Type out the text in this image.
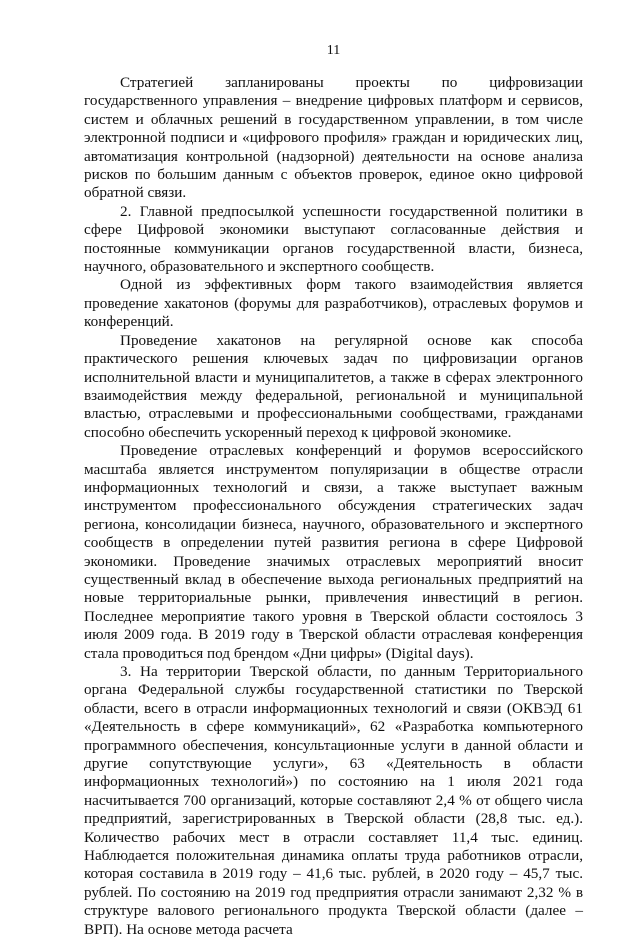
11

Стратегией запланированы проекты по цифровизации государственного управления – внедрение цифровых платформ и сервисов, систем и облачных решений в государственном управлении, в том числе электронной подписи и «цифрового профиля» граждан и юридических лиц, автоматизация контрольной (надзорной) деятельности на основе анализа рисков по большим данным с объектов проверок, единое окно цифровой обратной связи.

2. Главной предпосылкой успешности государственной политики в сфере Цифровой экономики выступают согласованные действия и постоянные коммуникации органов государственной власти, бизнеса, научного, образовательного и экспертного сообществ.

Одной из эффективных форм такого взаимодействия является проведение хакатонов (форумы для разработчиков), отраслевых форумов и конференций.

Проведение хакатонов на регулярной основе как способа практического решения ключевых задач по цифровизации органов исполнительной власти и муниципалитетов, а также в сферах электронного взаимодействия между федеральной, региональной и муниципальной властью, отраслевыми и профессиональными сообществами, гражданами способно обеспечить ускоренный переход к цифровой экономике.

Проведение отраслевых конференций и форумов всероссийского масштаба является инструментом популяризации в обществе отрасли информационных технологий и связи, а также выступает важным инструментом профессионального обсуждения стратегических задач региона, консолидации бизнеса, научного, образовательного и экспертного сообществ в определении путей развития региона в сфере Цифровой экономики. Проведение значимых отраслевых мероприятий вносит существенный вклад в обеспечение выхода региональных предприятий на новые территориальные рынки, привлечения инвестиций в регион. Последнее мероприятие такого уровня в Тверской области состоялось 3 июля 2009 года. В 2019 году в Тверской области отраслевая конференция стала проводиться под брендом «Дни цифры» (Digital days).

3. На территории Тверской области, по данным Территориального органа Федеральной службы государственной статистики по Тверской области, всего в отрасли информационных технологий и связи (ОКВЭД 61 «Деятельность в сфере коммуникаций», 62 «Разработка компьютерного программного обеспечения, консультационные услуги в данной области и другие сопутствующие услуги», 63 «Деятельность в области информационных технологий») по состоянию на 1 июля 2021 года насчитывается 700 организаций, которые составляют 2,4 % от общего числа предприятий, зарегистрированных в Тверской области (28,8 тыс. ед.). Количество рабочих мест в отрасли составляет 11,4 тыс. единиц. Наблюдается положительная динамика оплаты труда работников отрасли, которая составила в 2019 году – 41,6 тыс. рублей, в 2020 году – 45,7 тыс. рублей. По состоянию на 2019 год предприятия отрасли занимают 2,32 % в структуре валового регионального продукта Тверской области (далее – ВРП). На основе метода расчета
